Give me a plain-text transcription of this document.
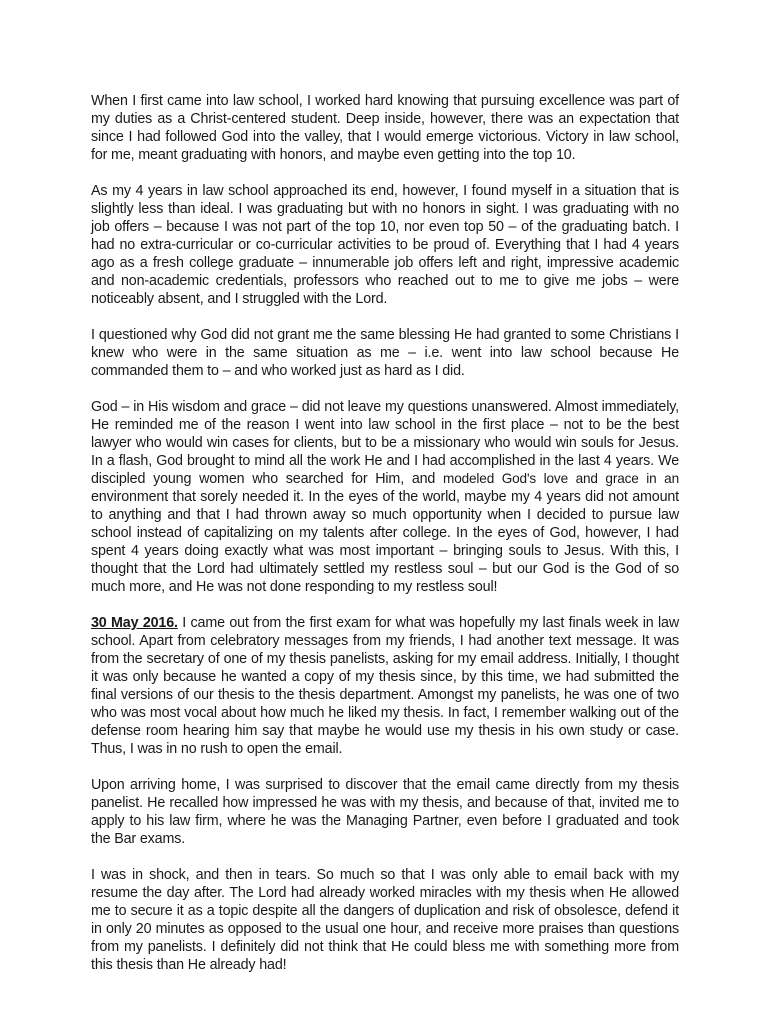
When I first came into law school, I worked hard knowing that pursuing excellence was part of my duties as a Christ-centered student. Deep inside, however, there was an expectation that since I had followed God into the valley, that I would emerge victorious. Victory in law school, for me, meant graduating with honors, and maybe even getting into the top 10.

As my 4 years in law school approached its end, however, I found myself in a situation that is slightly less than ideal. I was graduating but with no honors in sight. I was graduating with no job offers – because I was not part of the top 10, nor even top 50 – of the graduating batch. I had no extra-curricular or co-curricular activities to be proud of. Everything that I had 4 years ago as a fresh college graduate – innumerable job offers left and right, impressive academic and non-academic credentials, professors who reached out to me to give me jobs – were noticeably absent, and I struggled with the Lord.

I questioned why God did not grant me the same blessing He had granted to some Christians I knew who were in the same situation as me – i.e. went into law school because He commanded them to – and who worked just as hard as I did.

God – in His wisdom and grace – did not leave my questions unanswered. Almost immediately, He reminded me of the reason I went into law school in the first place – not to be the best lawyer who would win cases for clients, but to be a missionary who would win souls for Jesus. In a flash, God brought to mind all the work He and I had accomplished in the last 4 years. We discipled young women who searched for Him, and modeled God's love and grace in an environment that sorely needed it. In the eyes of the world, maybe my 4 years did not amount to anything and that I had thrown away so much opportunity when I decided to pursue law school instead of capitalizing on my talents after college. In the eyes of God, however, I had spent 4 years doing exactly what was most important – bringing souls to Jesus. With this, I thought that the Lord had ultimately settled my restless soul – but our God is the God of so much more, and He was not done responding to my restless soul!

30 May 2016. I came out from the first exam for what was hopefully my last finals week in law school. Apart from celebratory messages from my friends, I had another text message. It was from the secretary of one of my thesis panelists, asking for my email address. Initially, I thought it was only because he wanted a copy of my thesis since, by this time, we had submitted the final versions of our thesis to the thesis department. Amongst my panelists, he was one of two who was most vocal about how much he liked my thesis. In fact, I remember walking out of the defense room hearing him say that maybe he would use my thesis in his own study or case. Thus, I was in no rush to open the email.

Upon arriving home, I was surprised to discover that the email came directly from my thesis panelist. He recalled how impressed he was with my thesis, and because of that, invited me to apply to his law firm, where he was the Managing Partner, even before I graduated and took the Bar exams.

I was in shock, and then in tears. So much so that I was only able to email back with my resume the day after. The Lord had already worked miracles with my thesis when He allowed me to secure it as a topic despite all the dangers of duplication and risk of obsolesce, defend it in only 20 minutes as opposed to the usual one hour, and receive more praises than questions from my panelists. I definitely did not think that He could bless me with something more from this thesis than He already had!
